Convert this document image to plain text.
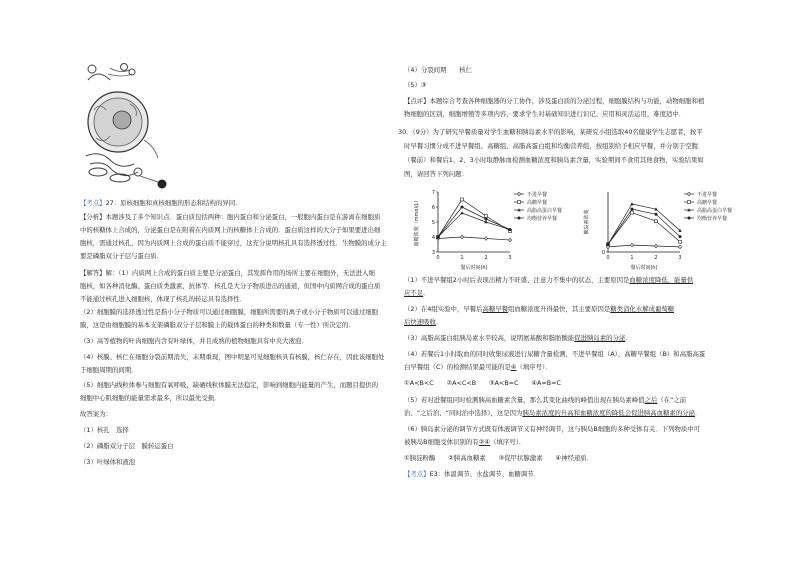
【考点】27：原核细胞和真核细胞的形态和结构的异同.
【分析】本题涉及了多个知识点．蛋白质包括两种：胞内蛋白和分泌蛋白，一般胞内蛋白是在游离在细胞质
中的核糖体上合成的，分泌蛋白是在附着在内质网上的核糖体上合成的．蛋白质这样的大分子如果要进出细
胞核，需通过核孔，因为内质网上合成的蛋白质不能穿过，这充分说明核孔具有选择透过性．生物膜的成分主
要是磷脂双分子层与蛋白质．
【解答】解：（1）内质网上合成的蛋白质主要是分泌蛋白，其发挥作用的场所主要在细胞外，无法进入细
胞核，如各种消化酶、蛋白质类激素、抗体等．核孔是大分子物质进出的通道，但国中内质网合成的蛋白质
不能通过核孔进入细胞核，体现了核孔的转运具有选择性．
（2）细胞膜的选择透过性是指小分子物质可以通过细胞膜，细胞所需要的离子或小分子物质可以通过细胞
膜，这是由细胞膜的基本支架磷脂双分子层和膜上的载体蛋白的种类和数量（专一性）所决定的．
（3）高等植物的叶肉细胞内含有叶绿体，并且成熟的植物细胞具有中央大液泡．
（4）核膜、核仁在细胞分裂前期消失，末期重现，图中明显可见细胞核具有核膜，核仁存在，因此该细胞处
于细胞周期的间期．
（5）细胞内线粒体参与细胞有氧呼吸，缺硒线粒体膜无法稳定，影响到细胞内能量的产生，而题目提供的
细胞中心肌细胞的能量需求最多，所以最先受损．
故答案为：
（1）核孔　选择
（2）磷脂双分子层　膜转运蛋白
（3）叶绿体和液泡
（4）分裂间期　　核仁
（5）③
【点评】本题综合考查各种细胞器的分工协作，涉及蛋白质的分泌过程，细胞膜结构与功能，动物细胞和植
物细胞的区别，细胞增殖等多项内容，要求学生对基础知识进行识记、应用和灵活运用，难度适中．
30．（9分）为了研究早餐质量对学生血糖和胰岛素水平的影响，某研究小组选取40名健康学生志愿者，按平
时早餐习惯分成不进早餐组、高糖组、高脂高蛋白组和均衡营养组，按组别给予相应早餐，并分别于空腹
（餐前）和餐后1、2、3小时取静脉血检测血糖浓度和胰岛素含量，实验期间不食用其他食物，实验结果如
图，请回答下列问题：
（1）不进早餐组2小时后表现出精力不旺盛、注意力不集中的状态，主要原因是血糖浓度降低，能量供
应不足．
（2）在4组实验中，早餐后高糖早餐组血糖浓度升得最快，其主要原因是糖类消化水解成葡萄糖
后快速吸收．
（3）高脂高蛋白组胰岛素水平较高，说明氨基酸和脂肪酸能促进胰岛素的分泌．
（4）若餐后1小时取血的同时收集尿液进行尿糖含量检测，不进早餐组（A）、高糖早餐组（B）和高脂高蛋
白早餐组（C）的检测结果最可能的是④（填序号）．
①A<B<C　　②A<C<B　　③A<B=C　　④A=B=C
（5）若对进餐组同时检测胰高血糖素含量，那么其变化曲线的峰值出现在胰岛素峰值之后（在“之前
治、“之后治、“同时治中选择），这是因为胰岛素浓度的升高和血糖浓度的降低会促进胰高血糖素的分泌．
（6）胰岛素分泌的调节方式既有体液调节又有神经调节，这与胰岛B细胞的多种受体有关．下列物质中可
被胰岛B细胞受体识别的有②④（填序号）．
①胰淀粉酶　　②胰高血糖素　　③促甲状腺激素　　④神经递质．
【考点】E3：体温调节、水盐调节、血糖调节．
血糖浓度（mmol/L）
餐后时间(h)
0	1	2	3
7
6
5
4
3
不进早餐
高糖早餐
高脂高蛋白早餐
均衡营养早餐	胰岛素浓度
餐后时间(h)
0	1	2	3
0
不进早餐
高糖早餐
高脂高蛋白早餐
均衡营养早餐
